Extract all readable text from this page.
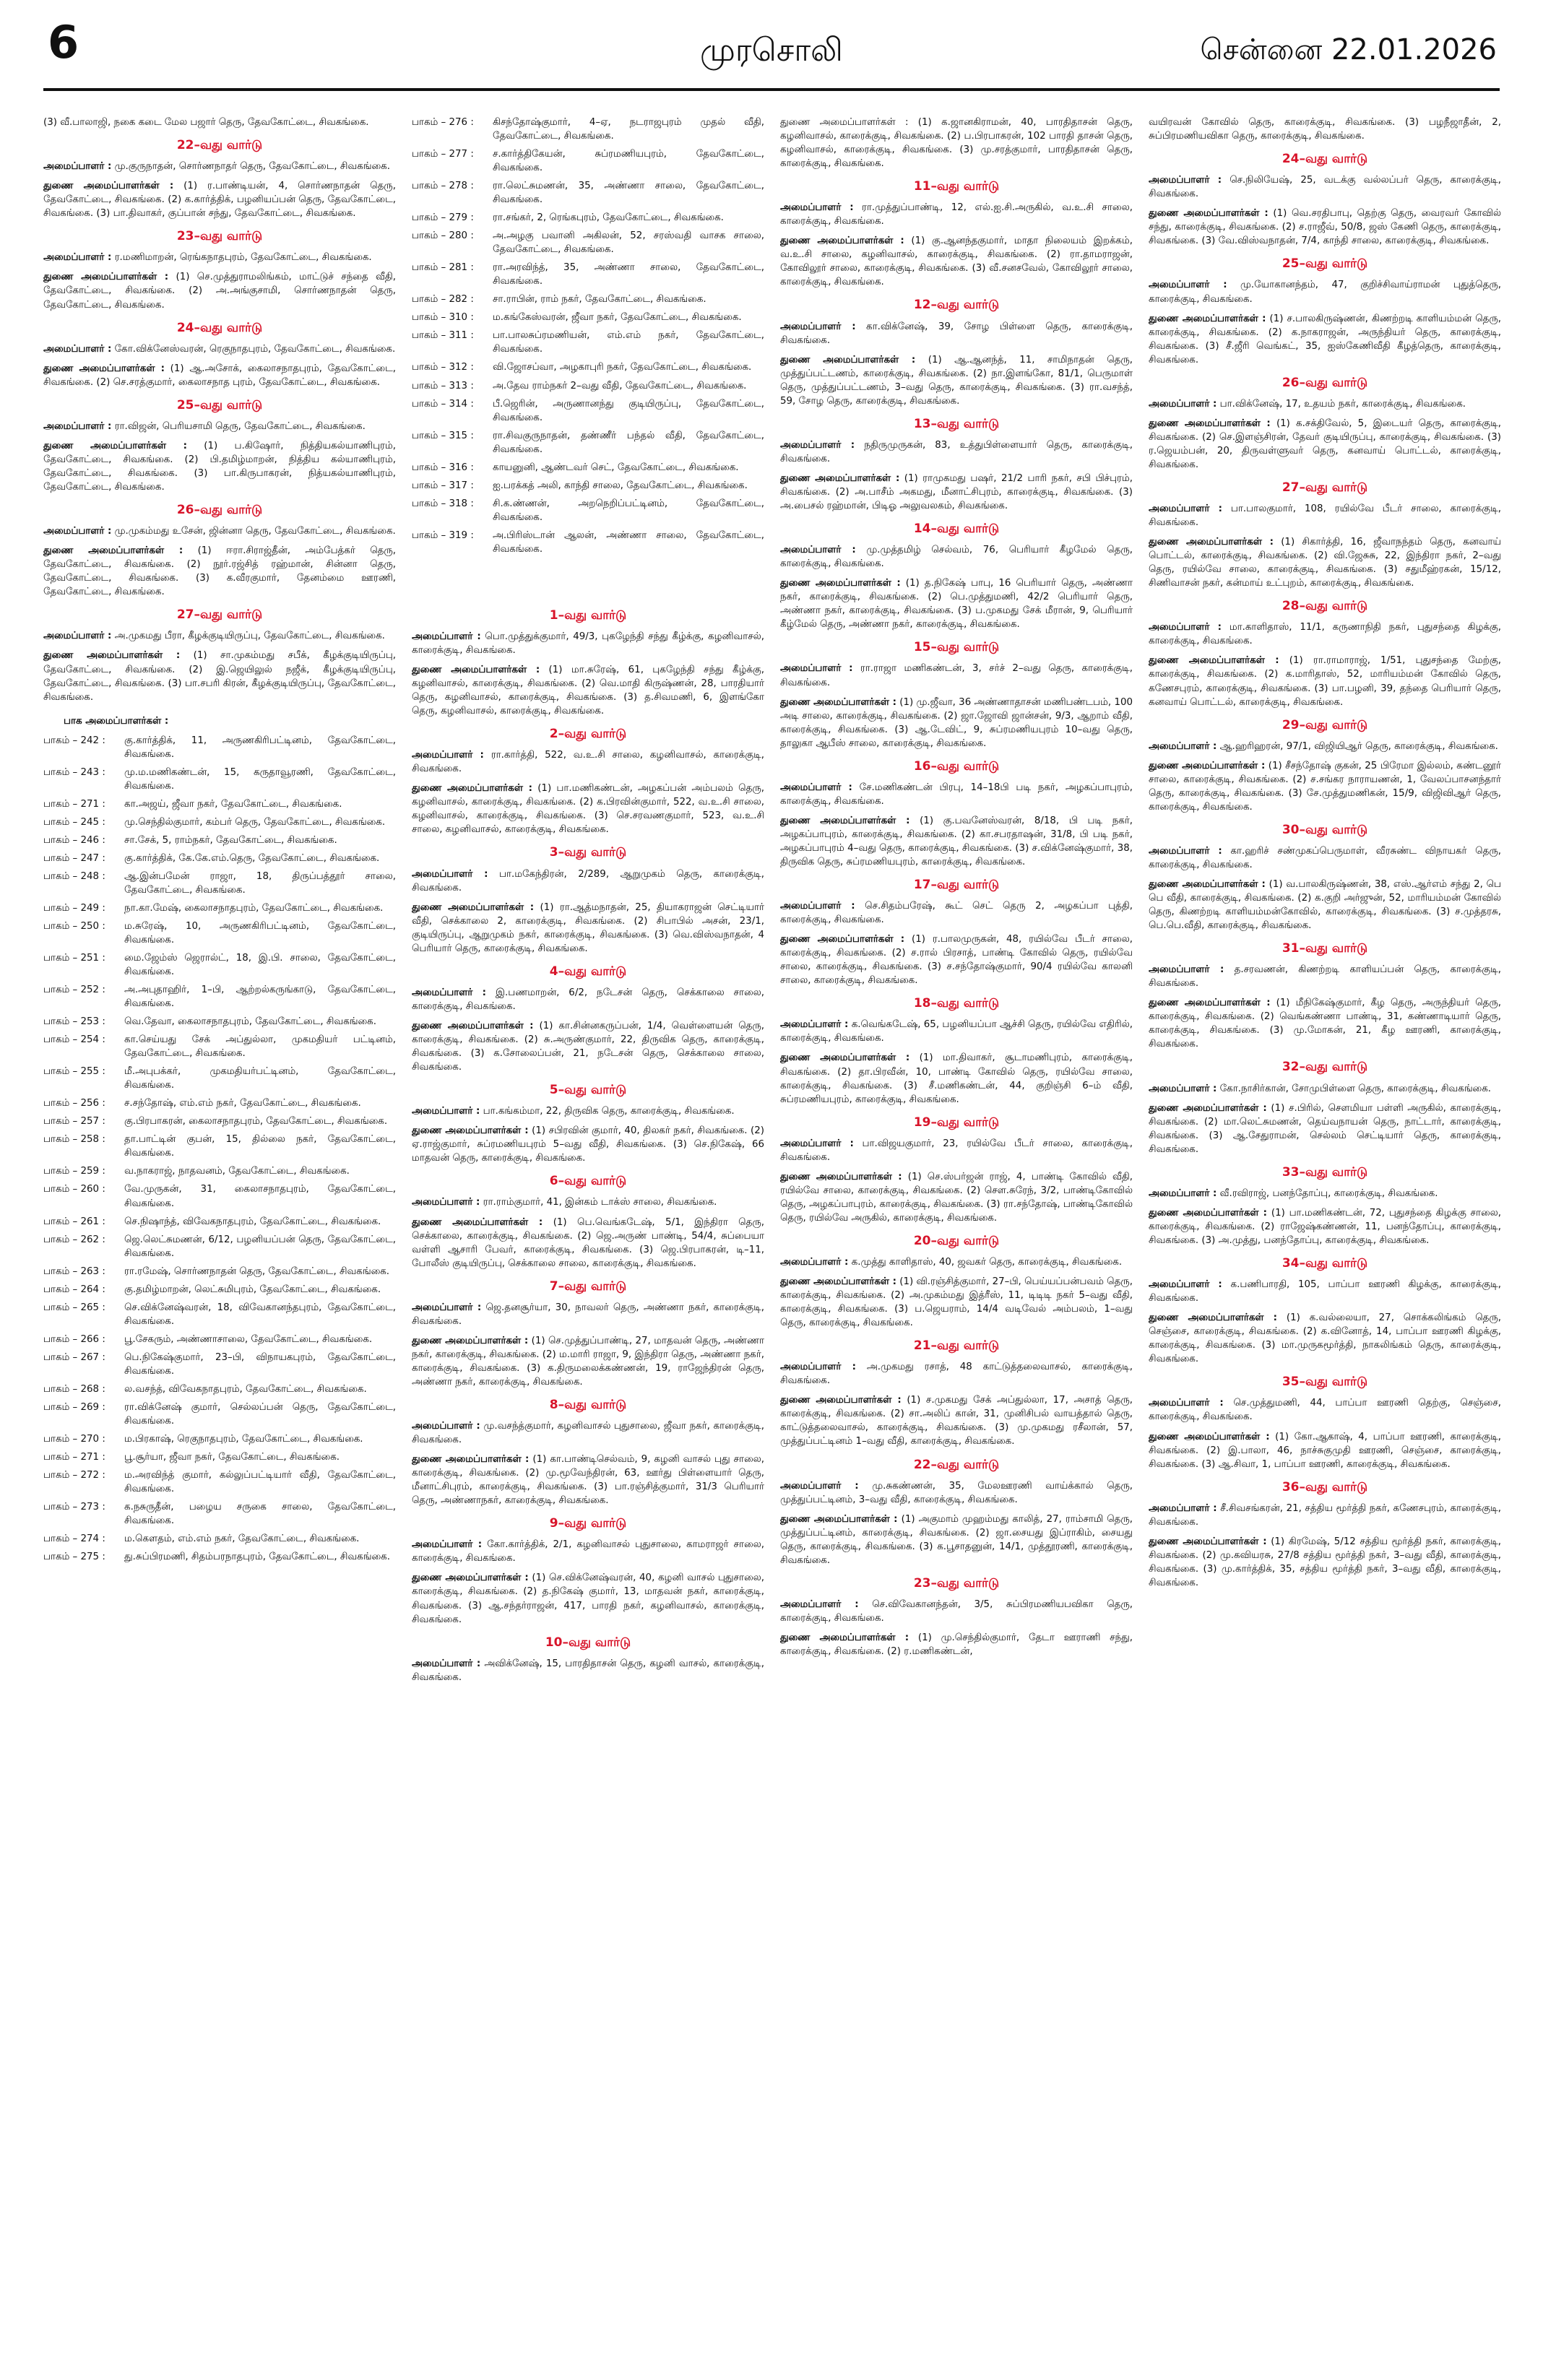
6	முரசொலி	சென்னை 22.01.2026

(3) வீ.பாலாஜி, நகை கடை மேல பஜார் தெரு, தேவகோட்டை, சிவகங்கை.

22–வது வார்டு

அமைப்பாளர் : மு.குருநாதன், சொர்ணநாதர் தெரு, தேவகோட்டை, சிவகங்கை.

துணை அமைப்பாளர்கள் : (1) ர.பாண்டியன், 4, சொர்ணநாதன் தெரு, தேவகோட்டை, சிவகங்கை. (2) க.கார்த்திக், பழனியப்பன் தெரு, தேவகோட்டை, சிவகங்கை. (3) பா.திவாகர், குப்பான் சந்து, தேவகோட்டை, சிவகங்கை.

23–வது வார்டு

அமைப்பாளர் : ர.மணிமாறன், ரெங்கநாதபுரம், தேவகோட்டை, சிவகங்கை.

துணை அமைப்பாளர்கள் : (1) செ.முத்துராமலிங்கம், மாட்டுச் சந்தை வீதி, தேவகோட்டை, சிவகங்கை. (2) அ.அங்குசாமி, சொர்ணநாதன் தெரு, தேவகோட்டை, சிவகங்கை.

24–வது வார்டு

அமைப்பாளர் : கோ.விக்னேஸ்வரன், ரெகுநாதபுரம், தேவகோட்டை, சிவகங்கை.

துணை அமைப்பாளர்கள் : (1) ஆ.அசோக், கைலாசநாதபுரம், தேவகோட்டை, சிவகங்கை. (2) செ.சரத்குமார், கைலாசநாத புரம், தேவகோட்டை, சிவகங்கை.

25–வது வார்டு

அமைப்பாளர் : ரா.விஜன், பெரியசாமி தெரு, தேவகோட்டை, சிவகங்கை.

துணை அமைப்பாளர்கள் : (1) ப.கிஷோர், நித்தியகல்யாணிபுரம், தேவகோட்டை, சிவகங்கை. (2) பி.தமிழ்மாறன், நித்திய கல்யாணிபுரம், தேவகோட்டை, சிவகங்கை. (3) பா.கிருபாகரன், நித்யகல்யாணிபுரம், தேவகோட்டை, சிவகங்கை.

26–வது வார்டு

அமைப்பாளர் : மு.முகம்மது உசேன், ஜின்னா தெரு, தேவகோட்டை, சிவகங்கை.

துணை அமைப்பாளர்கள் : (1) ஈரா.சிராஜ்தீன், அம்பேத்கர் தெரு, தேவகோட்டை, சிவகங்கை. (2) நூர்.ரஜ்சித் ரஹ்மான், சின்னா தெரு, தேவகோட்டை, சிவகங்கை. (3) க.வீரகுமார், தேனம்மை ஊரணி, தேவகோட்டை, சிவகங்கை.

27–வது வார்டு

அமைப்பாளர் : அ.முகமது பீரா, கீழக்குடியிருப்பு, தேவகோட்டை, சிவகங்கை.

துணை அமைப்பாளர்கள் : (1) சா.முகம்மது சபீக், கீழக்குடியிருப்பு, தேவகோட்டை, சிவகங்கை. (2) இ.ஜெயிலுல் நஜீக், கீழக்குடியிருப்பு, தேவகோட்டை, சிவகங்கை. (3) பா.சபரி கிரன், கீழக்குடியிருப்பு, தேவகோட்டை, சிவகங்கை.

பாக அமைப்பாளர்கள் :
பாகம் – 242 :	கு.கார்த்திக், 11, அருணகிரிபட்டினம், தேவகோட்டை, சிவகங்கை.
பாகம் – 243 :	மு.ம.மணிகண்டன், 15, கருதாவூரணி, தேவகோட்டை, சிவகங்கை.
பாகம் – 271 :	கா.அஜய், ஜீவா நகர், தேவகோட்டை, சிவகங்கை.
பாகம் – 245 :	மு.செந்தில்குமார், கம்பர் தெரு, தேவகோட்டை, சிவகங்கை.
பாகம் – 246 :	சா.சேக், 5, ராம்நகர், தேவகோட்டை, சிவகங்கை.
பாகம் – 247 :	கு.கார்த்திக், கே.கே.எம்.தெரு, தேவகோட்டை, சிவகங்கை.
பாகம் – 248 :	ஆ.இன்பமேன் ராஜா, 18, திருப்பத்தூர் சாலை, தேவகோட்டை, சிவகங்கை.
பாகம் – 249 :	நா.கா.மேஷ், கைலாசநாதபுரம், தேவகோட்டை, சிவகங்கை.
பாகம் – 250 :	ம.சுரேஷ், 10, அருணகிரிபட்டினம், தேவகோட்டை, சிவகங்கை.
பாகம் – 251 :	மை.ஜேம்ஸ் ஜெரால்ட், 18, இ.பி. சாலை, தேவகோட்டை, சிவகங்கை.
பாகம் – 252 :	அ.அபுதாஹிர், 1–பி, ஆற்றல்கருங்காடு, தேவகோட்டை, சிவகங்கை.
பாகம் – 253 :	வெ.தேவா, கைலாசநாதபுரம், தேவகோட்டை, சிவகங்கை.
பாகம் – 254 :	கா.செய்யது சேக் அப்துல்லா, முகமதியர் பட்டினம், தேவகோட்டை, சிவகங்கை.
பாகம் – 255 :	மீ.அபுபக்கர், முகமதியர்பட்டினம், தேவகோட்டை, சிவகங்கை.
பாகம் – 256 :	ச.சந்தோஷ், எம்.எம் நகர், தேவகோட்டை, சிவகங்கை.
பாகம் – 257 :	கு.பிரபாகரன், கைலாசநாதபுரம், தேவகோட்டை, சிவகங்கை.
பாகம் – 258 :	தா.பாட்டின் குபன், 15, தில்லை நகர், தேவகோட்டை, சிவகங்கை.
பாகம் – 259 :	வ.நாகராஜ், நாதவனம், தேவகோட்டை, சிவகங்கை.
பாகம் – 260 :	வே.முருகன், 31, கைலாசநாதபுரம், தேவகோட்டை, சிவகங்கை.
பாகம் – 261 :	செ.நிஷாந்த், விவேகநாதபுரம், தேவகோட்டை, சிவகங்கை.
பாகம் – 262 :	ஜெ.லெட்சுமணன், 6/12, பழனியப்பன் தெரு, தேவகோட்டை, சிவகங்கை.
பாகம் – 263 :	ரா.ரமேஷ், சொர்ணநாதன் தெரு, தேவகோட்டை, சிவகங்கை.
பாகம் – 264 :	கு.தமிழ்மாறன், லெட்சுமிபுரம், தேவகோட்டை, சிவகங்கை.
பாகம் – 265 :	செ.விக்னேஷ்வரன், 18, விவேகானந்தபுரம், தேவகோட்டை, சிவகங்கை.
பாகம் – 266 :	பூ.சேகரும், அண்ணாசாலை, தேவகோட்டை, சிவகங்கை.
பாகம் – 267 :	பெ.நிகேஷ்குமார், 23–பி, விநாயகபுரம், தேவகோட்டை, சிவகங்கை.
பாகம் – 268 :	ல.வசந்த், விவேகநாதபுரம், தேவகோட்டை, சிவகங்கை.
பாகம் – 269 :	ரா.விக்னேஷ் குமார், செல்லப்பன் தெரு, தேவகோட்டை, சிவகங்கை.
பாகம் – 270 :	ம.பிரகாஷ், ரெகுநாதபுரம், தேவகோட்டை, சிவகங்கை.
பாகம் – 271 :	பூ.சூர்யா, ஜீவா நகர், தேவகோட்டை, சிவகங்கை.
பாகம் – 272 :	ம.அரவிந்த் குமார், கல்லுப்பட்டியார் வீதி, தேவகோட்டை, சிவகங்கை.
பாகம் – 273 :	க.நசுருதீன், பழைய சருகை சாலை, தேவகோட்டை, சிவகங்கை.
பாகம் – 274 :	ம.கௌதம், எம்.எம் நகர், தேவகோட்டை, சிவகங்கை.
பாகம் – 275 :	து.சுப்பிரமணி, சிதம்பரநாதபுரம், தேவகோட்டை, சிவகங்கை.
பாகம் – 276 :	கிசந்தோஷ்குமார், 4–ஏ, நடராஜபுரம் முதல் வீதி, தேவகோட்டை, சிவகங்கை.
பாகம் – 277 :	ச.கார்த்திகேயன், சுப்ரமணியபுரம், தேவகோட்டை, சிவகங்கை.
பாகம் – 278 :	ரா.லெட்சுமணன், 35, அண்ணா சாலை, தேவகோட்டை, சிவகங்கை.
பாகம் – 279 :	ரா.சங்கர், 2, ரெங்கபுரம், தேவகோட்டை, சிவகங்கை.
பாகம் – 280 :	அ.அழகு பவானி அகிலன், 52, சரஸ்வதி வாசக சாலை, தேவகோட்டை, சிவகங்கை.
பாகம் – 281 :	ரா.அரவிந்த், 35, அண்ணா சாலை, தேவகோட்டை, சிவகங்கை.
பாகம் – 282 :	சா.ராபின், ராம் நகர், தேவகோட்டை, சிவகங்கை.
பாகம் – 310 :	ம.கங்கேஸ்வரன், ஜீவா நகர், தேவகோட்டை, சிவகங்கை.
பாகம் – 311 :	பா.பாலசுப்ரமணியன், எம்.எம் நகர், தேவகோட்டை, சிவகங்கை.
பாகம் – 312 :	வி.ஜோசப்வா, அழகாபுரி நகர், தேவகோட்டை, சிவகங்கை.
பாகம் – 313 :	அ.தேவ ராம்நகர் 2–வது வீதி, தேவகோட்டை, சிவகங்கை.
பாகம் – 314 :	பீ.ஜெரின், அருணானந்து குடியிருப்பு, தேவகோட்டை, சிவகங்கை.
பாகம் – 315 :	ரா.சிவகுருநாதன், தண்ணீர் பந்தல் வீதி, தேவகோட்டை, சிவகங்கை.
பாகம் – 316 :	காயனுனி, ஆண்டவர் செட், தேவகோட்டை, சிவகங்கை.
பாகம் – 317 :	ஐ.பரக்கத் அலி, காந்தி சாலை, தேவகோட்டை, சிவகங்கை.
பாகம் – 318 :	சி.க.ண்ணன், அறநெறிப்பட்டினம், தேவகோட்டை, சிவகங்கை.
பாகம் – 319 :	அ.பிரிஸ்டான் ஆலன், அண்ணா சாலை, தேவகோட்டை, சிவகங்கை.
1–வது வார்டு

அமைப்பாளர் : பொ.முத்துக்குமார், 49/3, புகழேந்தி சந்து கீழ்க்கு, கழனிவாசல், காரைக்குடி, சிவகங்கை.

துணை அமைப்பாளர்கள் : (1) மா.சுரேஷ், 61, புகழேந்தி சந்து கீழ்க்கு, கழனிவாசல், காரைக்குடி, சிவகங்கை. (2) வெ.மாதி கிருஷ்ணன், 28, பாரதியார் தெரு, கழனிவாசல், காரைக்குடி, சிவகங்கை. (3) த.சிவமணி, 6, இளங்கோ தெரு, கழனிவாசல், காரைக்குடி, சிவகங்கை.

2–வது வார்டு

அமைப்பாளர் : ரா.கார்த்தி, 522, வ.உ.சி சாலை, கழனிவாசல், காரைக்குடி, சிவகங்கை.

துணை அமைப்பாளர்கள் : (1) பா.மணிகண்டன், அழகப்பன் அம்பலம் தெரு, கழனிவாசல், காரைக்குடி, சிவகங்கை. (2) க.பிரவின்குமார், 522, வ.உ.சி சாலை, கழனிவாசல், காரைக்குடி, சிவகங்கை. (3) செ.சரவணகுமார், 523, வ.உ.சி சாலை, கழனிவாசல், காரைக்குடி, சிவகங்கை.

3–வது வார்டு

அமைப்பாளர் : பா.மகேந்திரன், 2/289, ஆறுமுகம் தெரு, காரைக்குடி, சிவகங்கை.

துணை அமைப்பாளர்கள் : (1) ரா.ஆத்மநாதன், 25, தியாகராஜன் செட்டியார் வீதி, செக்காலை 2, காரைக்குடி, சிவகங்கை. (2) சிபாபில் அசன், 23/1, குடியிருப்பு, ஆறுமுகம் நகர், காரைக்குடி, சிவகங்கை. (3) வெ.விஸ்வநாதன், 4 பெரியார் தெரு, காரைக்குடி, சிவகங்கை.

4–வது வார்டு

அமைப்பாளர் : இ.பணமாறன், 6/2, நடேசன் தெரு, செக்காலை சாலை, காரைக்குடி, சிவகங்கை.

துணை அமைப்பாளர்கள் : (1) கா.சின்னகருப்பன், 1/4, வெள்ளையன் தெரு, காரைக்குடி, சிவகங்கை. (2) சு.அருண்குமார், 22, திருவிக தெரு, காரைக்குடி, சிவகங்கை. (3) க.சோலைப்பன், 21, நடேசன் தெரு, செக்காலை சாலை, சிவகங்கை.

5–வது வார்டு

அமைப்பாளர் : பா.கங்கம்மா, 22, திருவிக தெரு, காரைக்குடி, சிவகங்கை.

துணை அமைப்பாளர்கள் : (1) சபிரவின் குமார், 40, திலகர் நகர், சிவகங்கை. (2) ஏ.ராஜ்குமார், சுப்ரமணியபுரம் 5–வது வீதி, சிவகங்கை. (3) செ.நிகேஷ், 66 மாதவன் தெரு, காரைக்குடி, சிவகங்கை.

6–வது வார்டு

அமைப்பாளர் : ரா.ராம்குமார், 41, இன்கம் டாக்ஸ் சாலை, சிவகங்கை.

துணை அமைப்பாளர்கள் : (1) பெ.வெங்கடேஷ், 5/1, இந்திரா தெரு, செக்காலை, காரைக்குடி, சிவகங்கை. (2) ஜெ.அருண் பாண்டி, 54/4, சுப்பையா வள்ளி ஆசாரி பேவர், காரைக்குடி, சிவகங்கை. (3) ஜெ.பிரபாகரன், டி–11, போலீஸ் குடியிருப்பு, செக்காலை சாலை, காரைக்குடி, சிவகங்கை.

7–வது வார்டு

அமைப்பாளர் : ஜெ.தனசூர்யா, 30, நாவலர் தெரு, அண்ணா நகர், காரைக்குடி, சிவகங்கை.

துணை அமைப்பாளர்கள் : (1) செ.முத்துப்பாண்டி, 27, மாதவன் தெரு, அண்ணா நகர், காரைக்குடி, சிவகங்கை. (2) ம.மாரி ராஜா, 9, இந்திரா தெரு, அண்ணா நகர், காரைக்குடி, சிவகங்கை. (3) க.திருமலைக்கண்ணன், 19, ராஜேந்திரன் தெரு, அண்ணா நகர், காரைக்குடி, சிவகங்கை.

8–வது வார்டு

அமைப்பாளர் : மு.வசந்த்குமார், கழனிவாசல் புதுசாலை, ஜீவா நகர், காரைக்குடி, சிவகங்கை.

துணை அமைப்பாளர்கள் : (1) கா.பாண்டிசெல்வம், 9, கழனி வாசல் புது சாலை, காரைக்குடி, சிவகங்கை. (2) மு.மூவேந்திரன், 63, ஊர்து பிள்ளையார் தெரு, மீனாட்சிபுரம், காரைக்குடி, சிவகங்கை. (3) பா.ரஞ்சித்குமார், 31/3 பெரியார் தெரு, அண்ணாநகர், காரைக்குடி, சிவகங்கை.

9–வது வார்டு

அமைப்பாளர் : கோ.கார்த்திக், 2/1, கழனிவாசல் புதுசாலை, காமராஜர் சாலை, காரைக்குடி, சிவகங்கை.

துணை அமைப்பாளர்கள் : (1) செ.விக்னேஷ்வரன், 40, கழனி வாசல் புதுசாலை, காரைக்குடி, சிவகங்கை. (2) த.நிகேஷ் குமார், 13, மாதவன் நகர், காரைக்குடி, சிவகங்கை. (3) ஆ.சந்தர்ராஜன், 417, பாரதி நகர், கழனிவாசல், காரைக்குடி, சிவகங்கை.

10–வது வார்டு

அமைப்பாளர் : அவிக்னேஷ், 15, பாரதிதாசன் தெரு, கழனி வாசல், காரைக்குடி, சிவகங்கை.

துணை அமைப்பாளர்கள் : (1) க.ஜானகிராமன், 40, பாரதிதாசன் தெரு, கழனிவாசல், காரைக்குடி, சிவகங்கை. (2) ப.பிரபாகரன், 102 பாரதி தாசன் தெரு, கழனிவாசல், காரைக்குடி, சிவகங்கை. (3) மு.சரத்குமார், பாரதிதாசன் தெரு, காரைக்குடி, சிவகங்கை.

11–வது வார்டு

அமைப்பாளர் : ரா.முத்துப்பாண்டி, 12, எல்.ஐ.சி.அருகில், வ.உ.சி சாலை, காரைக்குடி, சிவகங்கை.

துணை அமைப்பாளர்கள் : (1) கு.ஆனந்தகுமார், மாதா நிலையம் இறக்கம், வ.உ.சி சாலை, கழனிவாசல், காரைக்குடி, சிவகங்கை. (2) ரா.தாமராஜன், கோவிலூர் சாலை, காரைக்குடி, சிவகங்கை. (3) வீ.சனசவேல், கோவிலூர் சாலை, காரைக்குடி, சிவகங்கை.

12–வது வார்டு

அமைப்பாளர் : கா.விக்னேஷ், 39, சோழ பிள்ளை தெரு, காரைக்குடி, சிவகங்கை.

துணை அமைப்பாளர்கள் : (1) ஆ.ஆனந்த், 11, சாமிநாதன் தெரு, முத்துப்பட்டணம், காரைக்குடி, சிவகங்கை. (2) நா.இளங்கோ, 81/1, பெருமாள் தெரு, முத்துப்பட்டணம், 3–வது தெரு, காரைக்குடி, சிவகங்கை. (3) ரா.வசந்த், 59, சோழ தெரு, காரைக்குடி, சிவகங்கை.

13–வது வார்டு

அமைப்பாளர் : நதிருமுருகன், 83, உத்துபிள்ளையார் தெரு, காரைக்குடி, சிவகங்கை.

துணை அமைப்பாளர்கள் : (1) ராமுகமது பஷர், 21/2 பாரி நகர், சபி பிச்புரம், சிவகங்கை. (2) அ.பாசீம் அகமது, மீனாட்சிபுரம், காரைக்குடி, சிவகங்கை. (3) அ.பைசல் ரஹ்மான், பிடிஓ அலுவலகம், சிவகங்கை.

14–வது வார்டு

அமைப்பாளர் : மு.முத்தமிழ் செல்வம், 76, பெரியார் கீழமேல் தெரு, காரைக்குடி, சிவகங்கை.

துணை அமைப்பாளர்கள் : (1) த.நிகேஷ் பாபு, 16 பெரியார் தெரு, அண்ணா நகர், காரைக்குடி, சிவகங்கை. (2) பெ.முத்துமணி, 42/2 பெரியார் தெரு, அண்ணா நகர், காரைக்குடி, சிவகங்கை. (3) ப.முகமது சேக் மீரான், 9, பெரியார் கீழ்மேல் தெரு, அண்ணா நகர், காரைக்குடி, சிவகங்கை.

15–வது வார்டு

அமைப்பாளர் : ரா.ராஜா மணிகண்டன், 3, சர்ச் 2–வது தெரு, காரைக்குடி, சிவகங்கை.

துணை அமைப்பாளர்கள் : (1) மு.ஜீவா, 36 அண்ணாதாசன் மணிபண்டபம், 100 அடி சாலை, காரைக்குடி, சிவகங்கை. (2) ஜா.ஜோவி ஜான்சன், 9/3, ஆறாம் வீதி, காரைக்குடி, சிவகங்கை. (3) ஆ.டேவிட், 9, சுப்ரமணியபுரம் 10–வது தெரு, தாலுகா ஆபீஸ் சாலை, காரைக்குடி, சிவகங்கை.

16–வது வார்டு

அமைப்பாளர் : சே.மணிகண்டன் பிரபு, 14–18பி படி நகர், அழகப்பாபுரம், காரைக்குடி, சிவகங்கை.

துணை அமைப்பாளர்கள் : (1) கு.பவனேஸ்வரன், 8/18, பி படி நகர், அழகப்பாபுரம், காரைக்குடி, சிவகங்கை. (2) கா.சபரதாஷன், 31/8, பி படி நகர், அழகப்பாபுரம் 4–வது தெரு, காரைக்குடி, சிவகங்கை. (3) ச.விக்னேஷ்குமார், 38, திருவிக தெரு, சுப்ரமணியபுரம், காரைக்குடி, சிவகங்கை.

17–வது வார்டு

அமைப்பாளர் : செ.சிதம்பரேஷ், கூட் செட் தெரு 2, அழகப்பா புத்தி, காரைக்குடி, சிவகங்கை.

துணை அமைப்பாளர்கள் : (1) ர.பாலமுருகன், 48, ரயில்வே பீடர் சாலை, காரைக்குடி, சிவகங்கை. (2) ச.ரால் பிரசாத், பாண்டி கோவில் தெரு, ரயில்வே சாலை, காரைக்குடி, சிவகங்கை. (3) ச.சந்தோஷ்குமார், 90/4 ரயில்வே காலனி சாலை, காரைக்குடி, சிவகங்கை.

18–வது வார்டு

அமைப்பாளர் : க.வெங்கடேஷ், 65, பழனியப்பா ஆச்சி தெரு, ரயில்வே எதிரில், காரைக்குடி, சிவகங்கை.

துணை அமைப்பாளர்கள் : (1) மா.திவாகர், சூடாமணிபுரம், காரைக்குடி, சிவகங்கை. (2) தா.பிரவீன், 10, பாண்டி கோவில் தெரு, ரயில்வே சாலை, காரைக்குடி, சிவகங்கை. (3) சீ.மணிகண்டன், 44, குறிஞ்சி 6–ம் வீதி, சுப்ரமணியபுரம், காரைக்குடி, சிவகங்கை.

19–வது வார்டு

அமைப்பாளர் : பா.விஜயகுமார், 23, ரயில்வே பீடர் சாலை, காரைக்குடி, சிவகங்கை.

துணை அமைப்பாளர்கள் : (1) செ.ஸ்பர்ஜன் ராஜ், 4, பாண்டி கோவில் வீதி, ரயில்வே சாலை, காரைக்குடி, சிவகங்கை. (2) சௌ.சுரேந், 3/2, பாண்டிகோவில் தெரு, அழகப்பாபுரம், காரைக்குடி, சிவகங்கை. (3) ரா.சந்தோஷ், பாண்டிகோவில் தெரு, ரயில்வே அருகில், காரைக்குடி, சிவகங்கை.

20–வது வார்டு

அமைப்பாளர் : க.முத்து காளிதாஸ், 40, ஜவகர் தெரு, காரைக்குடி, சிவகங்கை.

துணை அமைப்பாளர்கள் : (1) வி.ரஞ்சித்குமார், 27–பி, பெய்யப்பன்பவம் தெரு, காரைக்குடி, சிவகங்கை. (2) அ.முகம்மது இத்ரீஸ், 11, டிடிடி நகர் 5–வது வீதி, காரைக்குடி, சிவகங்கை. (3) ப.ஜெயராம், 14/4 வடிவேல் அம்பலம், 1–வது தெரு, காரைக்குடி, சிவகங்கை.

21–வது வார்டு

அமைப்பாளர் : அ.முகமது ரசாத், 48 காட்டுத்தலைவாசல், காரைக்குடி, சிவகங்கை.

துணை அமைப்பாளர்கள் : (1) ச.முகமது சேக் அப்துல்லா, 17, அசாத் தெரு, காரைக்குடி, சிவகங்கை. (2) சா.அலிப் கான், 31, முனிசிபல் வாயத்தால் தெரு, காட்டுத்தலைவாசல், காரைக்குடி, சிவகங்கை. (3) மு.முகமது ரசீலான், 57, முத்துப்பட்டினம் 1–வது வீதி, காரைக்குடி, சிவகங்கை.

22–வது வார்டு

அமைப்பாளர் : மு.சுகண்ணன், 35, மேலஊரணி வாய்க்கால் தெரு, முத்துப்பட்டினம், 3–வது வீதி, காரைக்குடி, சிவகங்கை.

துணை அமைப்பாளர்கள் : (1) அகுமாம் முஹம்மது காலித், 27, ராம்சாமி தெரு, முத்துப்பட்டினம், காரைக்குடி, சிவகங்கை. (2) ஜா.சையது இப்ராகிம், சையது தெரு, காரைக்குடி, சிவகங்கை. (3) க.பூசாதனுன், 14/1, முத்தூரணி, காரைக்குடி, சிவகங்கை.

23–வது வார்டு

அமைப்பாளர் : செ.விவேகானந்தன், 3/5, சுப்பிரமணியபவிகா தெரு, காரைக்குடி, சிவகங்கை.

துணை அமைப்பாளர்கள் : (1) மு.செந்தில்குமார், தேடா ஊராணி சந்து, காரைக்குடி, சிவகங்கை. (2) ர.மணிகண்டன்,

வயிரவன் கோவில் தெரு, காரைக்குடி, சிவகங்கை. (3) பழநீஜாதீன், 2, சுப்பிரமணியவிகா தெரு, காரைக்குடி, சிவகங்கை.

24–வது வார்டு

அமைப்பாளர் : செ.நிலியேஷ், 25, வடக்கு வல்லப்பர் தெரு, காரைக்குடி, சிவகங்கை.

துணை அமைப்பாளர்கள் : (1) வெ.சரதிபாபு, தெற்கு தெரு, வைரவர் கோவில் சந்து, காரைக்குடி, சிவகங்கை. (2) ச.ராஜீவ், 50/8, ஜஸ் கேணி தெரு, காரைக்குடி, சிவகங்கை. (3) வே.விஸ்வநாதன், 7/4, காந்தி சாலை, காரைக்குடி, சிவகங்கை.

25–வது வார்டு

அமைப்பாளர் : மு.யோகானந்தம், 47, குறிச்சிவாய்ராமன் புதுத்தெரு, காரைக்குடி, சிவகங்கை.

துணை அமைப்பாளர்கள் : (1) ச.பாலகிருஷ்ணன், கிணற்றடி காளியம்மன் தெரு, காரைக்குடி, சிவகங்கை. (2) க.நாகராஜன், அருந்தியர் தெரு, காரைக்குடி, சிவகங்கை. (3) சீ.ஜீரி வெங்கட், 35, ஐஸ்கேணிவீதி கீழத்தெரு, காரைக்குடி, சிவகங்கை.

26–வது வார்டு

அமைப்பாளர் : பா.விக்னேஷ், 17, உதயம் நகர், காரைக்குடி, சிவகங்கை.

துணை அமைப்பாளர்கள் : (1) க.சக்திவேல், 5, இடையர் தெரு, காரைக்குடி, சிவகங்கை. (2) செ.இளஞ்சிரன், தேவர் குடியிருப்பு, காரைக்குடி, சிவகங்கை. (3) ர.ஜெயம்பன், 20, திருவள்ளுவர் தெரு, கனவாய் பொட்டல், காரைக்குடி, சிவகங்கை.

27–வது வார்டு

அமைப்பாளர் : பா.பாலகுமார், 108, ரயில்வே பீடர் சாலை, காரைக்குடி, சிவகங்கை.

துணை அமைப்பாளர்கள் : (1) சிகார்த்தி, 16, ஜீவாநந்தம் தெரு, கனவாய் பொட்டல், காரைக்குடி, சிவகங்கை. (2) வி.ஜேசுசு, 22, இந்திரா நகர், 2–வது தெரு, ரயில்வே சாலை, காரைக்குடி, சிவகங்கை. (3) சதுமீஹ்ரகன், 15/12, சிணிவாசன் நகர், கன்மாய் உட்புறம், காரைக்குடி, சிவகங்கை.

28–வது வார்டு

அமைப்பாளர் : மா.காளிதாஸ், 11/1, கருணாநிதி நகர், புதுசந்தை கிழக்கு, காரைக்குடி, சிவகங்கை.

துணை அமைப்பாளர்கள் : (1) ரா.ராமாராஜ், 1/51, புதுசந்தை மேற்கு, காரைக்குடி, சிவகங்கை. (2) க.மாரிதாஸ், 52, மாரியம்மன் கோவில் தெரு, கணேசபுரம், காரைக்குடி, சிவகங்கை. (3) பா.பழனி, 39, தந்தை பெரியார் தெரு, கனவாய் பொட்டல், காரைக்குடி, சிவகங்கை.

29–வது வார்டு

அமைப்பாளர் : ஆ.ஹரிஹரன், 97/1, விஜியிஆர் தெரு, காரைக்குடி, சிவகங்கை.

துணை அமைப்பாளர்கள் : (1) சீசந்தோஷ் குகன், 25 பிரேமா இல்லம், கண்டனூர் சாலை, காரைக்குடி, சிவகங்கை. (2) ச.சங்கர நாராயணன், 1, வேலப்பாசனந்தார் தெரு, காரைக்குடி, சிவகங்கை. (3) சே.முத்துமணிகன், 15/9, விஜிவிஆர் தெரு, காரைக்குடி, சிவகங்கை.

30–வது வார்டு

அமைப்பாளர் : கா.ஹரிச் சண்முகப்பெருமாள், வீரசுண்ட விநாயகர் தெரு, காரைக்குடி, சிவகங்கை.

துணை அமைப்பாளர்கள் : (1) வ.பாலகிருஷ்ணன், 38, எஸ்.ஆர்எம் சந்து 2, பெ பெ வீதி, காரைக்குடி, சிவகங்கை. (2) க.குறி அர்ஜுன், 52, மாரியம்மன் கோவில் தெரு, கிணற்றடி காளியம்மன்கோவில், காரைக்குடி, சிவகங்கை. (3) ச.முத்தரசு, பெ.பெ.வீதி, காரைக்குடி, சிவகங்கை.

31–வது வார்டு

அமைப்பாளர் : த.சரவணன், கிணற்றடி காளியப்பன் தெரு, காரைக்குடி, சிவகங்கை.

துணை அமைப்பாளர்கள் : (1) மீநிகேஷ்குமார், கீழ தெரு, அருந்தியர் தெரு, காரைக்குடி, சிவகங்கை. (2) வெங்கண்ணா பாண்டி, 31, கண்ணாடியார் தெரு, காரைக்குடி, சிவகங்கை. (3) மு.மோகன், 21, கீழ ஊரணி, காரைக்குடி, சிவகங்கை.

32–வது வார்டு

அமைப்பாளர் : கோ.நாசிர்கான், சோமுபிள்ளை தெரு, காரைக்குடி, சிவகங்கை.

துணை அமைப்பாளர்கள் : (1) ச.பிரில், சௌமியா பள்ளி அருகில், காரைக்குடி, சிவகங்கை. (2) மா.லெட்சுமணன், தெய்வநாயன் தெரு, நாட்டார், காரைக்குடி, சிவகங்கை. (3) ஆ.சேதுராமன், செல்லம் செட்டியார் தெரு, காரைக்குடி, சிவகங்கை.

33–வது வார்டு

அமைப்பாளர் : வீ.ரவிராஜ், பனந்தோப்பு, காரைக்குடி, சிவகங்கை.

துணை அமைப்பாளர்கள் : (1) பா.மணிகண்டன், 72, புதுசந்தை கிழக்கு சாலை, காரைக்குடி, சிவகங்கை. (2) ராஜேஷ்கண்ணன், 11, பனந்தோப்பு, காரைக்குடி, சிவகங்கை. (3) அ.முத்து, பனந்தோப்பு, காரைக்குடி, சிவகங்கை.

34–வது வார்டு

அமைப்பாளர் : க.பணிபாரதி, 105, பாப்பா ஊரணி கிழக்கு, காரைக்குடி, சிவகங்கை.

துணை அமைப்பாளர்கள் : (1) க.வல்லையா, 27, சொக்கலிங்கம் தெரு, செஞ்சை, காரைக்குடி, சிவகங்கை. (2) க.வினோத், 14, பாப்பா ஊரணி கிழக்கு, காரைக்குடி, சிவகங்கை. (3) மா.முருகமூர்த்தி, நாகலிங்கம் தெரு, காரைக்குடி, சிவகங்கை.

35–வது வார்டு

அமைப்பாளர் : செ.முத்துமணி, 44, பாப்பா ஊரணி தெற்கு, செஞ்சை, காரைக்குடி, சிவகங்கை.

துணை அமைப்பாளர்கள் : (1) கோ.ஆகாஷ், 4, பாப்பா ஊரணி, காரைக்குடி, சிவகங்கை. (2) இ.பாலா, 46, நாச்சுகுமுதி ஊரணி, செஞ்சை, காரைக்குடி, சிவகங்கை. (3) ஆ.சிவா, 1, பாப்பா ஊரணி, காரைக்குடி, சிவகங்கை.

36–வது வார்டு

அமைப்பாளர் : சீ.சிவசங்கரன், 21, சத்திய மூர்த்தி நகர், கணேசபுரம், காரைக்குடி, சிவகங்கை.

துணை அமைப்பாளர்கள் : (1) கிரமேஷ், 5/12 சத்திய மூர்த்தி நகர், காரைக்குடி, சிவகங்கை. (2) மு.கவியரசு, 27/8 சத்திய மூர்த்தி நகர், 3–வது வீதி, காரைக்குடி, சிவகங்கை. (3) மு.கார்த்திக், 35, சத்திய மூர்த்தி நகர், 3–வது வீதி, காரைக்குடி, சிவகங்கை.
